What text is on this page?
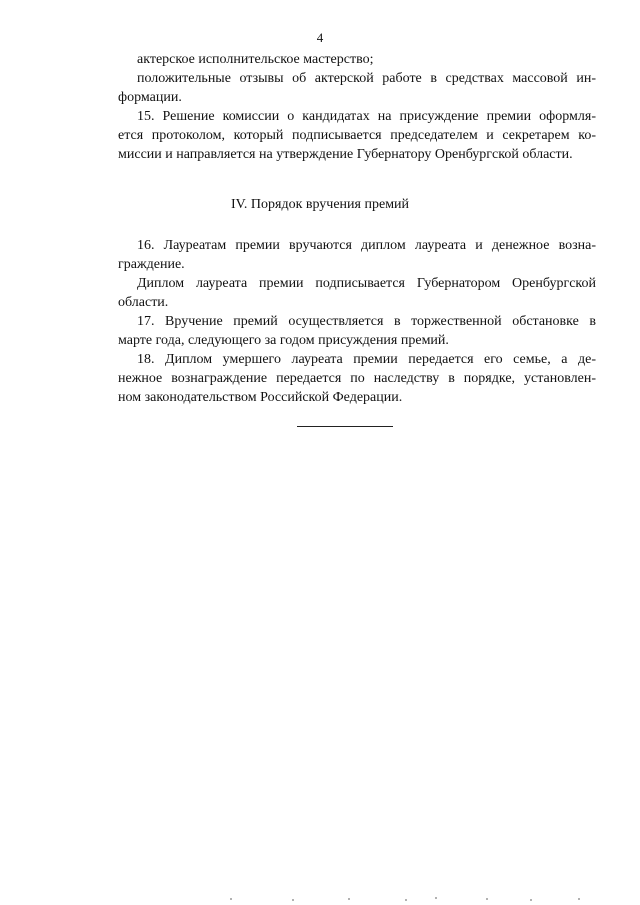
4
актерское исполнительское мастерство;
положительные отзывы об актерской работе в средствах массовой ин-
формации.
15. Решение комиссии о кандидатах на присуждение премии оформля-
ется протоколом, который подписывается председателем и секретарем ко-
миссии и направляется на утверждение Губернатору Оренбургской области.
IV. Порядок вручения премий
16. Лауреатам премии вручаются диплом лауреата и денежное возна-
граждение.
Диплом лауреата премии подписывается Губернатором Оренбургской
области.
17. Вручение премий осуществляется в торжественной обстановке в
марте года, следующего за годом присуждения премий.
18. Диплом умершего лауреата премии передается его семье, а де-
нежное вознаграждение передается по наследству в порядке, установлен-
ном законодательством Российской Федерации.
